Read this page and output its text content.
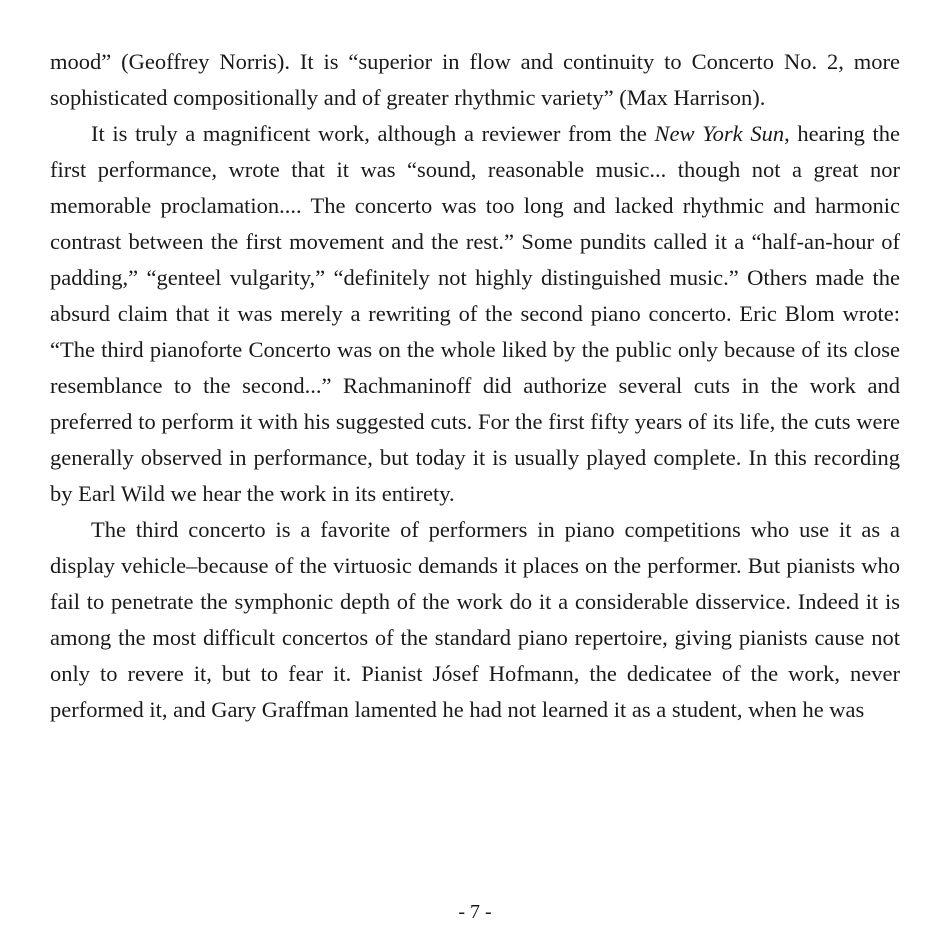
mood” (Geoffrey Norris). It is “superior in flow and continuity to Concerto No. 2, more sophisticated compositionally and of greater rhythmic variety” (Max Harrison).

It is truly a magnificent work, although a reviewer from the New York Sun, hearing the first performance, wrote that it was “sound, reasonable music... though not a great nor memorable proclamation.... The concerto was too long and lacked rhythmic and harmonic contrast between the first movement and the rest.” Some pundits called it a “half-an-hour of padding,” “genteel vulgarity,” “definitely not highly distinguished music.” Others made the absurd claim that it was merely a rewriting of the second piano concerto. Eric Blom wrote: “The third pianoforte Concerto was on the whole liked by the public only because of its close resemblance to the second...” Rachmaninoff did authorize several cuts in the work and preferred to perform it with his suggested cuts. For the first fifty years of its life, the cuts were generally observed in performance, but today it is usually played complete. In this recording by Earl Wild we hear the work in its entirety.

The third concerto is a favorite of performers in piano competitions who use it as a display vehicle–because of the virtuosic demands it places on the performer. But pianists who fail to penetrate the symphonic depth of the work do it a considerable disservice. Indeed it is among the most difficult concertos of the standard piano repertoire, giving pianists cause not only to revere it, but to fear it. Pianist Jósef Hofmann, the dedicatee of the work, never performed it, and Gary Graffman lamented he had not learned it as a student, when he was

- 7 -
